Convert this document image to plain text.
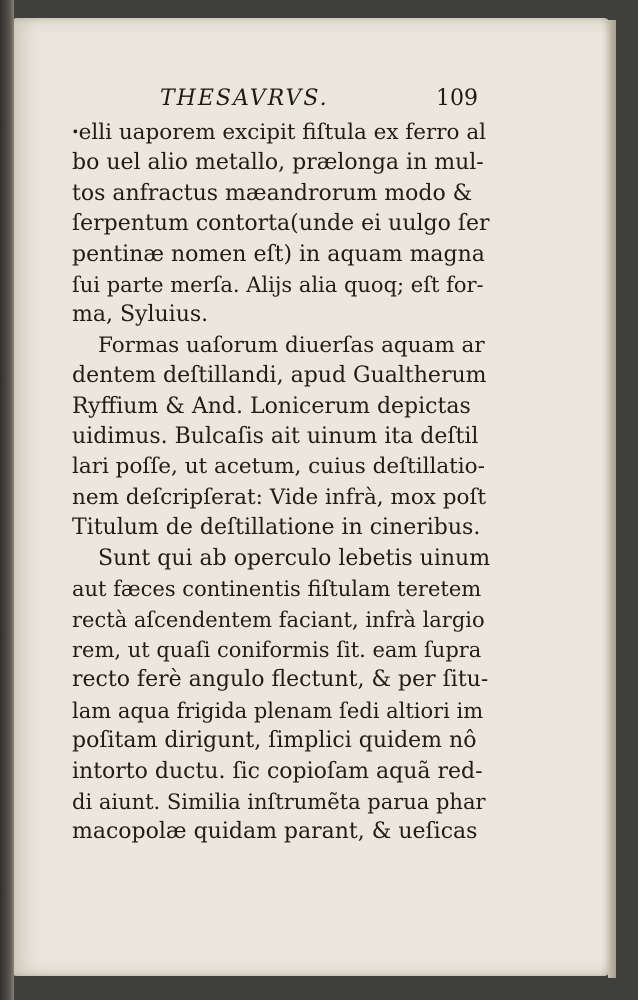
THESAVRVS.	109
ꞏelli uaporem excipit fiſtula ex ferro al
bo uel alio metallo, prælonga in mul-
tos anfractus mæandrorum modo &
ſerpentum contorta(unde ei uulgo ſer
pentinæ nomen eſt) in aquam magna
ſui parte merſa. Alijs alia quoq; eſt for-
ma, Syluius.
Formas uaſorum diuerſas aquam ar
dentem deſtillandi, apud Gualtherum
Ryffium & And. Lonicerum depictas
uidimus. Bulcaſis ait uinum ita deſtil
lari poſſe, ut acetum, cuius deſtillatio-
nem deſcripſerat: Vide infrà, mox poſt
Titulum de deſtillatione in cineribus.
Sunt qui ab operculo lebetis uinum
aut fæces continentis fiſtulam teretem
rectà aſcendentem faciant, infrà largio
rem, ut quaſi coniformis ſit. eam ſupra
recto ferè angulo flectunt, & per ſitu-
lam aqua frigida plenam ſedi altiori im
poſitam dirigunt, ſimplici quidem nô
intorto ductu. ſic copioſam aquã red-
di aiunt. Similia inſtrumẽta parua phar
macopolæ quidam parant, & ueſicas
